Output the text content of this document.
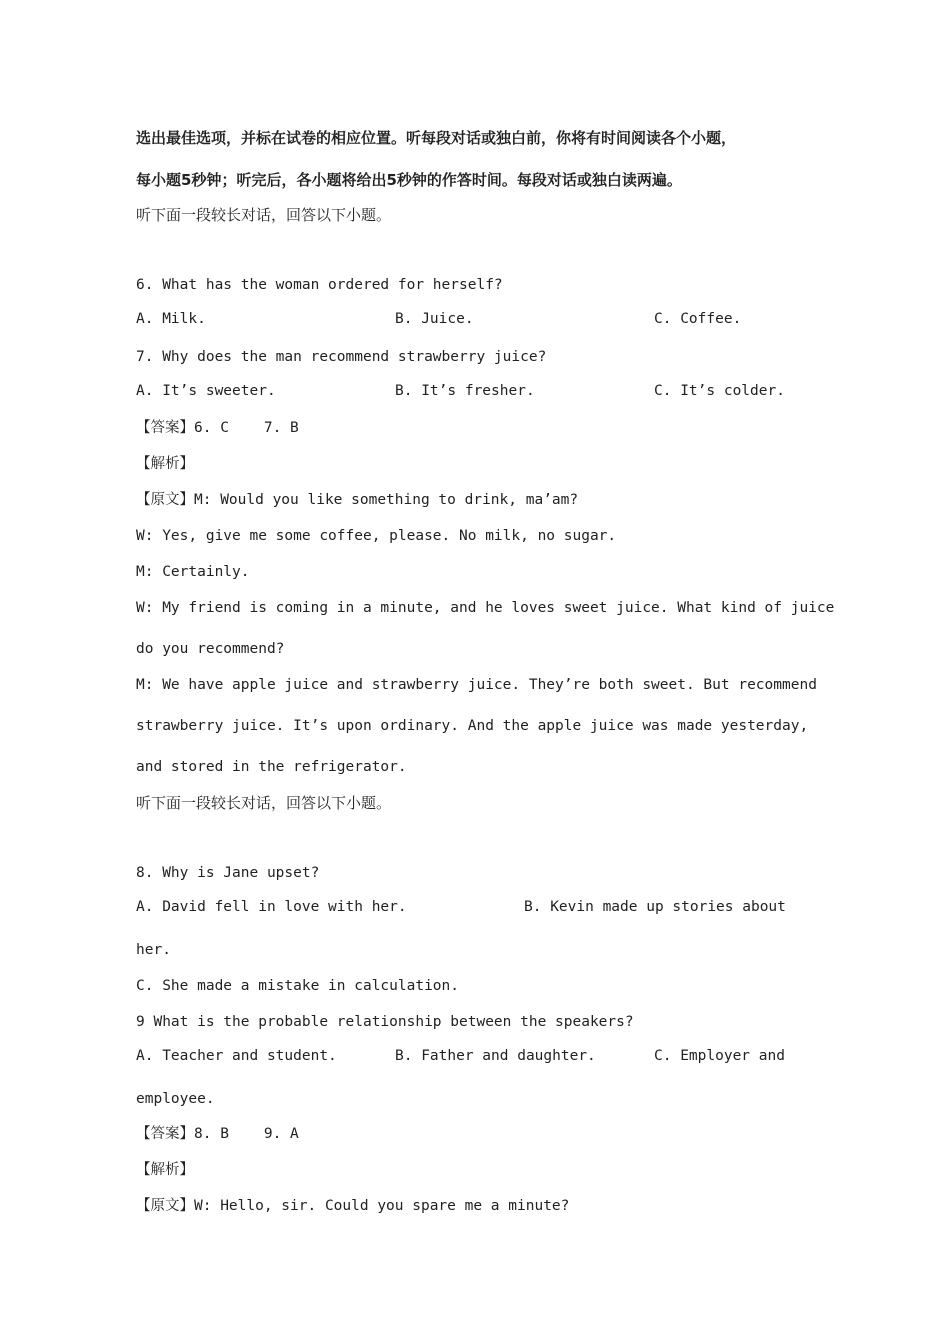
选出最佳选项，并标在试卷的相应位置。听每段对话或独白前，你将有时间阅读各个小题，
每小题5秒钟；听完后，各小题将给出5秒钟的作答时间。每段对话或独白读两遍。
听下面一段较长对话，回答以下小题。
6. What has the woman ordered for herself?

A. Milk.

	B. Juice.

	C. Coffee.

7. Why does the man recommend strawberry juice?

A. It’s sweeter.

	B. It’s fresher.

	C. It’s colder.

【答案】6. C    7. B
【解析】
【原文】M: Would you like something to drink, ma’am?
W: Yes, give me some coffee, please. No milk, no sugar.
M: Certainly.
W: My friend is coming in a minute, and he loves sweet juice. What kind of juice
do you recommend?
M: We have apple juice and strawberry juice. They’re both sweet. But recommend
strawberry juice. It’s upon ordinary. And the apple juice was made yesterday,
and stored in the refrigerator.
听下面一段较长对话，回答以下小题。
8. Why is Jane upset?

A. David fell in love with her.

	B. Kevin made up stories about

her.
C. She made a mistake in calculation.
9 What is the probable relationship between the speakers?

A. Teacher and student.

	B. Father and daughter.

	C. Employer and

employee.
【答案】8. B    9. A
【解析】
【原文】W: Hello, sir. Could you spare me a minute?
